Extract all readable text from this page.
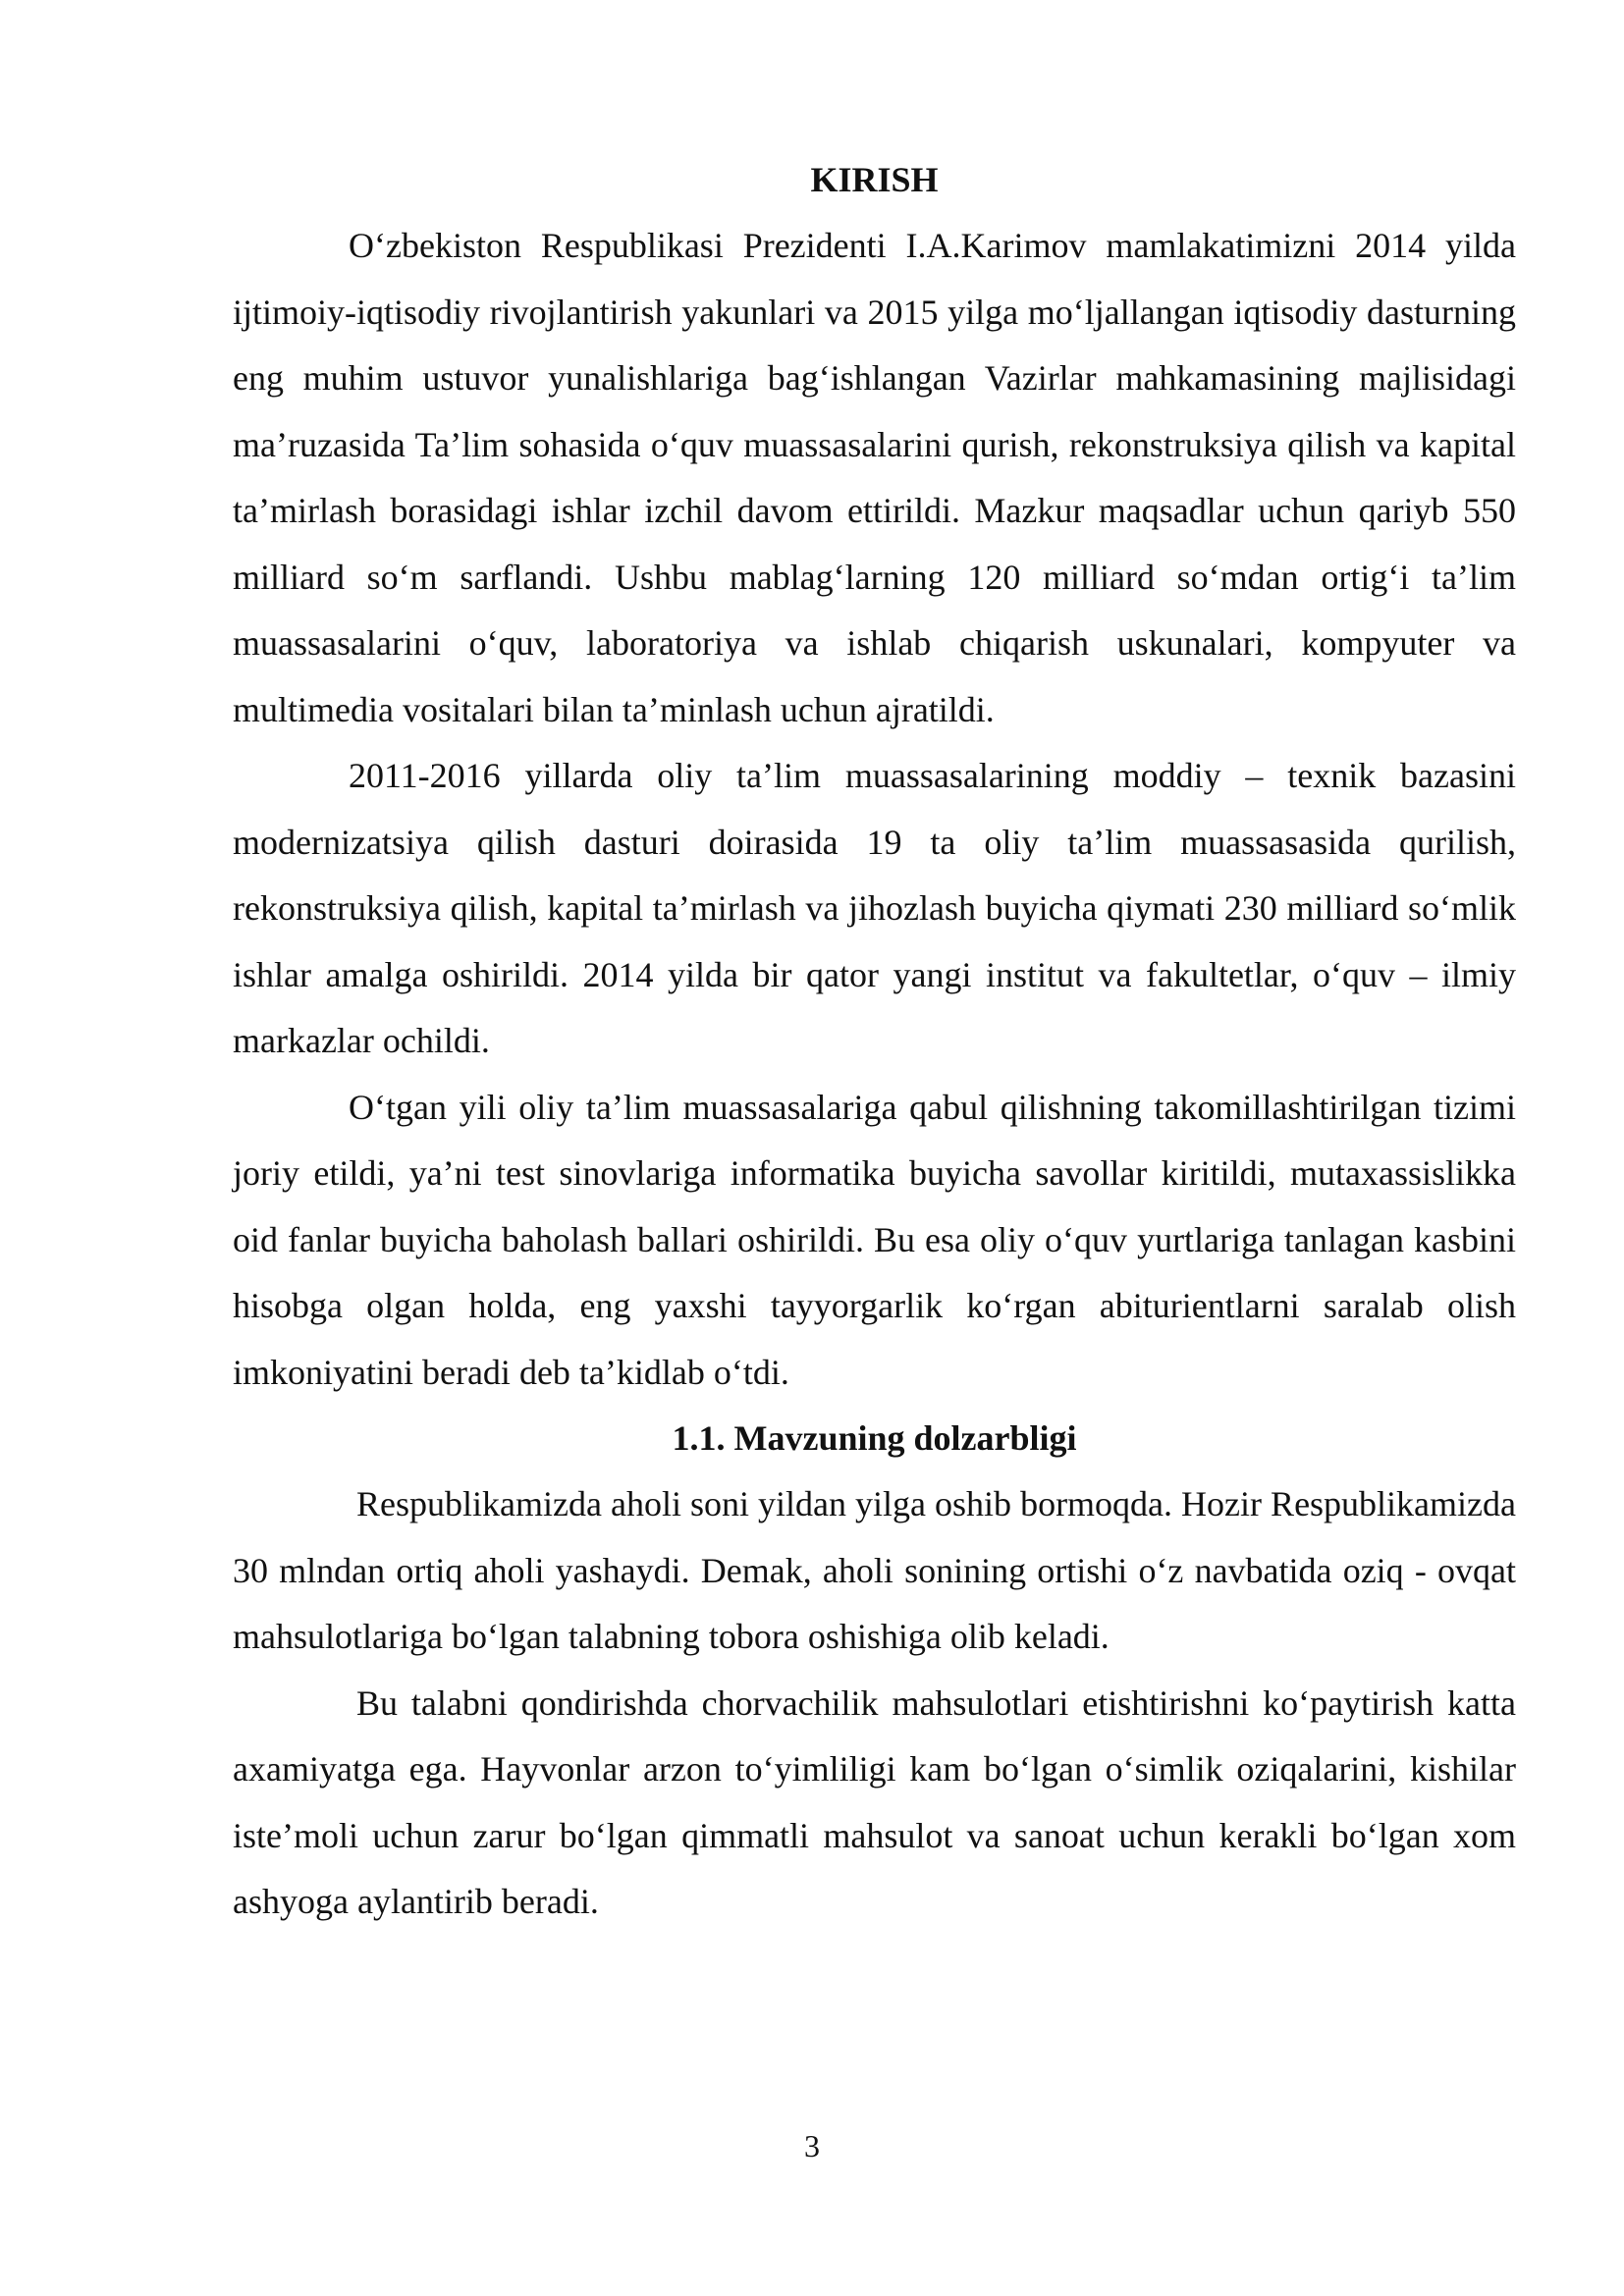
KIRISH

O‘zbekiston Respublikasi Prezidenti I.A.Karimov mamlakatimizni 2014 yilda ijtimoiy-iqtisodiy rivojlantirish yakunlari va 2015 yilga mo‘ljallangan iqtisodiy dasturning eng muhim ustuvor yunalishlariga bag‘ishlangan Vazirlar mahkamasining majlisidagi ma’ruzasida Ta’lim sohasida o‘quv muassasalarini qurish, rekonstruksiya qilish va kapital ta’mirlash borasidagi ishlar izchil davom ettirildi. Mazkur maqsadlar uchun qariyb 550 milliard so‘m sarflandi. Ushbu mablag‘larning 120 milliard so‘mdan ortig‘i ta’lim muassasalarini o‘quv, laboratoriya va ishlab chiqarish uskunalari, kompyuter va multimedia vositalari bilan ta’minlash uchun ajratildi.

2011-2016 yillarda oliy ta’lim muassasalarining moddiy – texnik bazasini modernizatsiya qilish dasturi doirasida 19 ta oliy ta’lim muassasasida qurilish, rekonstruksiya qilish, kapital ta’mirlash va jihozlash buyicha qiymati 230 milliard so‘mlik ishlar amalga oshirildi. 2014 yilda bir qator yangi institut va fakultetlar, o‘quv – ilmiy markazlar ochildi.

O‘tgan yili oliy ta’lim muassasalariga qabul qilishning takomillashtirilgan tizimi joriy etildi, ya’ni test sinovlariga informatika buyicha savollar kiritildi, mutaxassislikka oid fanlar buyicha baholash ballari oshirildi. Bu esa oliy o‘quv yurtlariga tanlagan kasbini hisobga olgan holda, eng yaxshi tayyorgarlik ko‘rgan abiturientlarni saralab olish imkoniyatini beradi deb ta’kidlab o‘tdi.

1.1. Mavzuning dolzarbligi

Respublikamizda aholi soni yildan yilga oshib bormoqda. Hozir Respublikamizda 30 mlndan ortiq aholi yashaydi. Demak, aholi sonining ortishi o‘z navbatida oziq - ovqat mahsulotlariga bo‘lgan talabning tobora oshishiga olib keladi.

Bu talabni qondirishda chorvachilik mahsulotlari etishtirishni ko‘paytirish katta axamiyatga ega. Hayvonlar arzon to‘yimliligi kam bo‘lgan o‘simlik oziqalarini, kishilar iste’moli uchun zarur bo‘lgan qimmatli mahsulot va sanoat uchun kerakli bo‘lgan xom ashyoga aylantirib beradi.

3
